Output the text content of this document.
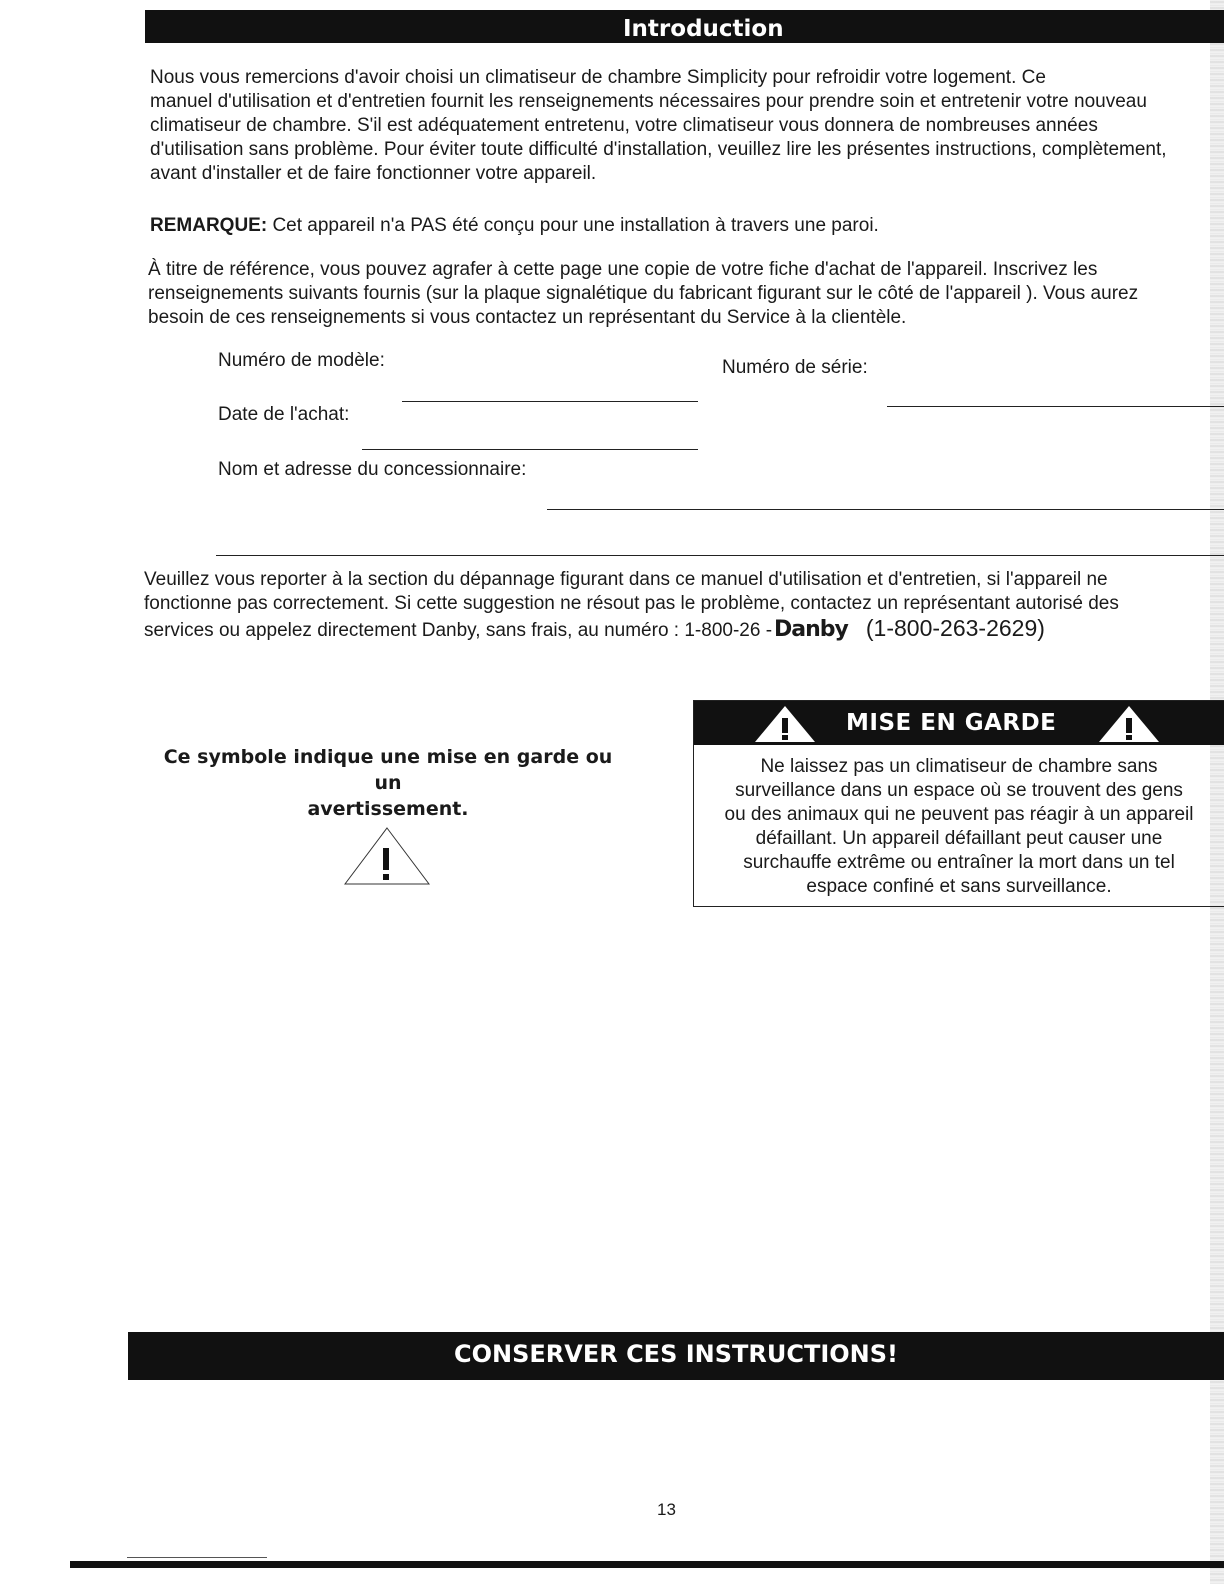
Introduction

Nous vous remercions d'avoir choisi un climatiseur de chambre Simplicity pour refroidir votre logement. Ce
manuel d'utilisation et d'entretien fournit les renseignements nécessaires pour prendre soin et entretenir votre nouveau
climatiseur de chambre. S'il est adéquatement entretenu, votre climatiseur vous donnera de nombreuses années
d'utilisation sans problème. Pour éviter toute difficulté d'installation, veuillez lire les présentes instructions, complètement,
avant d'installer et de faire fonctionner votre appareil.

REMARQUE: Cet appareil n'a PAS été conçu pour une installation à travers une paroi.

À titre de référence, vous pouvez agrafer à cette page une copie de votre fiche d'achat de l'appareil. Inscrivez les
renseignements suivants fournis (sur la plaque signalétique du fabricant figurant sur le côté de l'appareil ). Vous aurez
besoin de ces renseignements si vous contactez un représentant du Service à la clientèle.

Numéro de modèle:	Numéro de série:
Date de l'achat:
Nom et adresse du concessionnaire:

Veuillez vous reporter à la section du dépannage figurant dans ce manuel d'utilisation et d'entretien, si l'appareil ne
fonctionne pas correctement. Si cette suggestion ne résout pas le problème, contactez un représentant autorisé des
services ou appelez directement Danby, sans frais, au numéro : 1-800-26 -Danby (1-800-263-2629)

Ce symbole indique une mise en garde ou un
avertissement.

MISE EN GARDE

Ne laissez pas un climatiseur de chambre sans
surveillance dans un espace où se trouvent des gens
ou des animaux qui ne peuvent pas réagir à un appareil
défaillant. Un appareil défaillant peut causer une
surchauffe extrême ou entraîner la mort dans un tel
espace confiné et sans surveillance.

CONSERVER CES INSTRUCTIONS!
13
